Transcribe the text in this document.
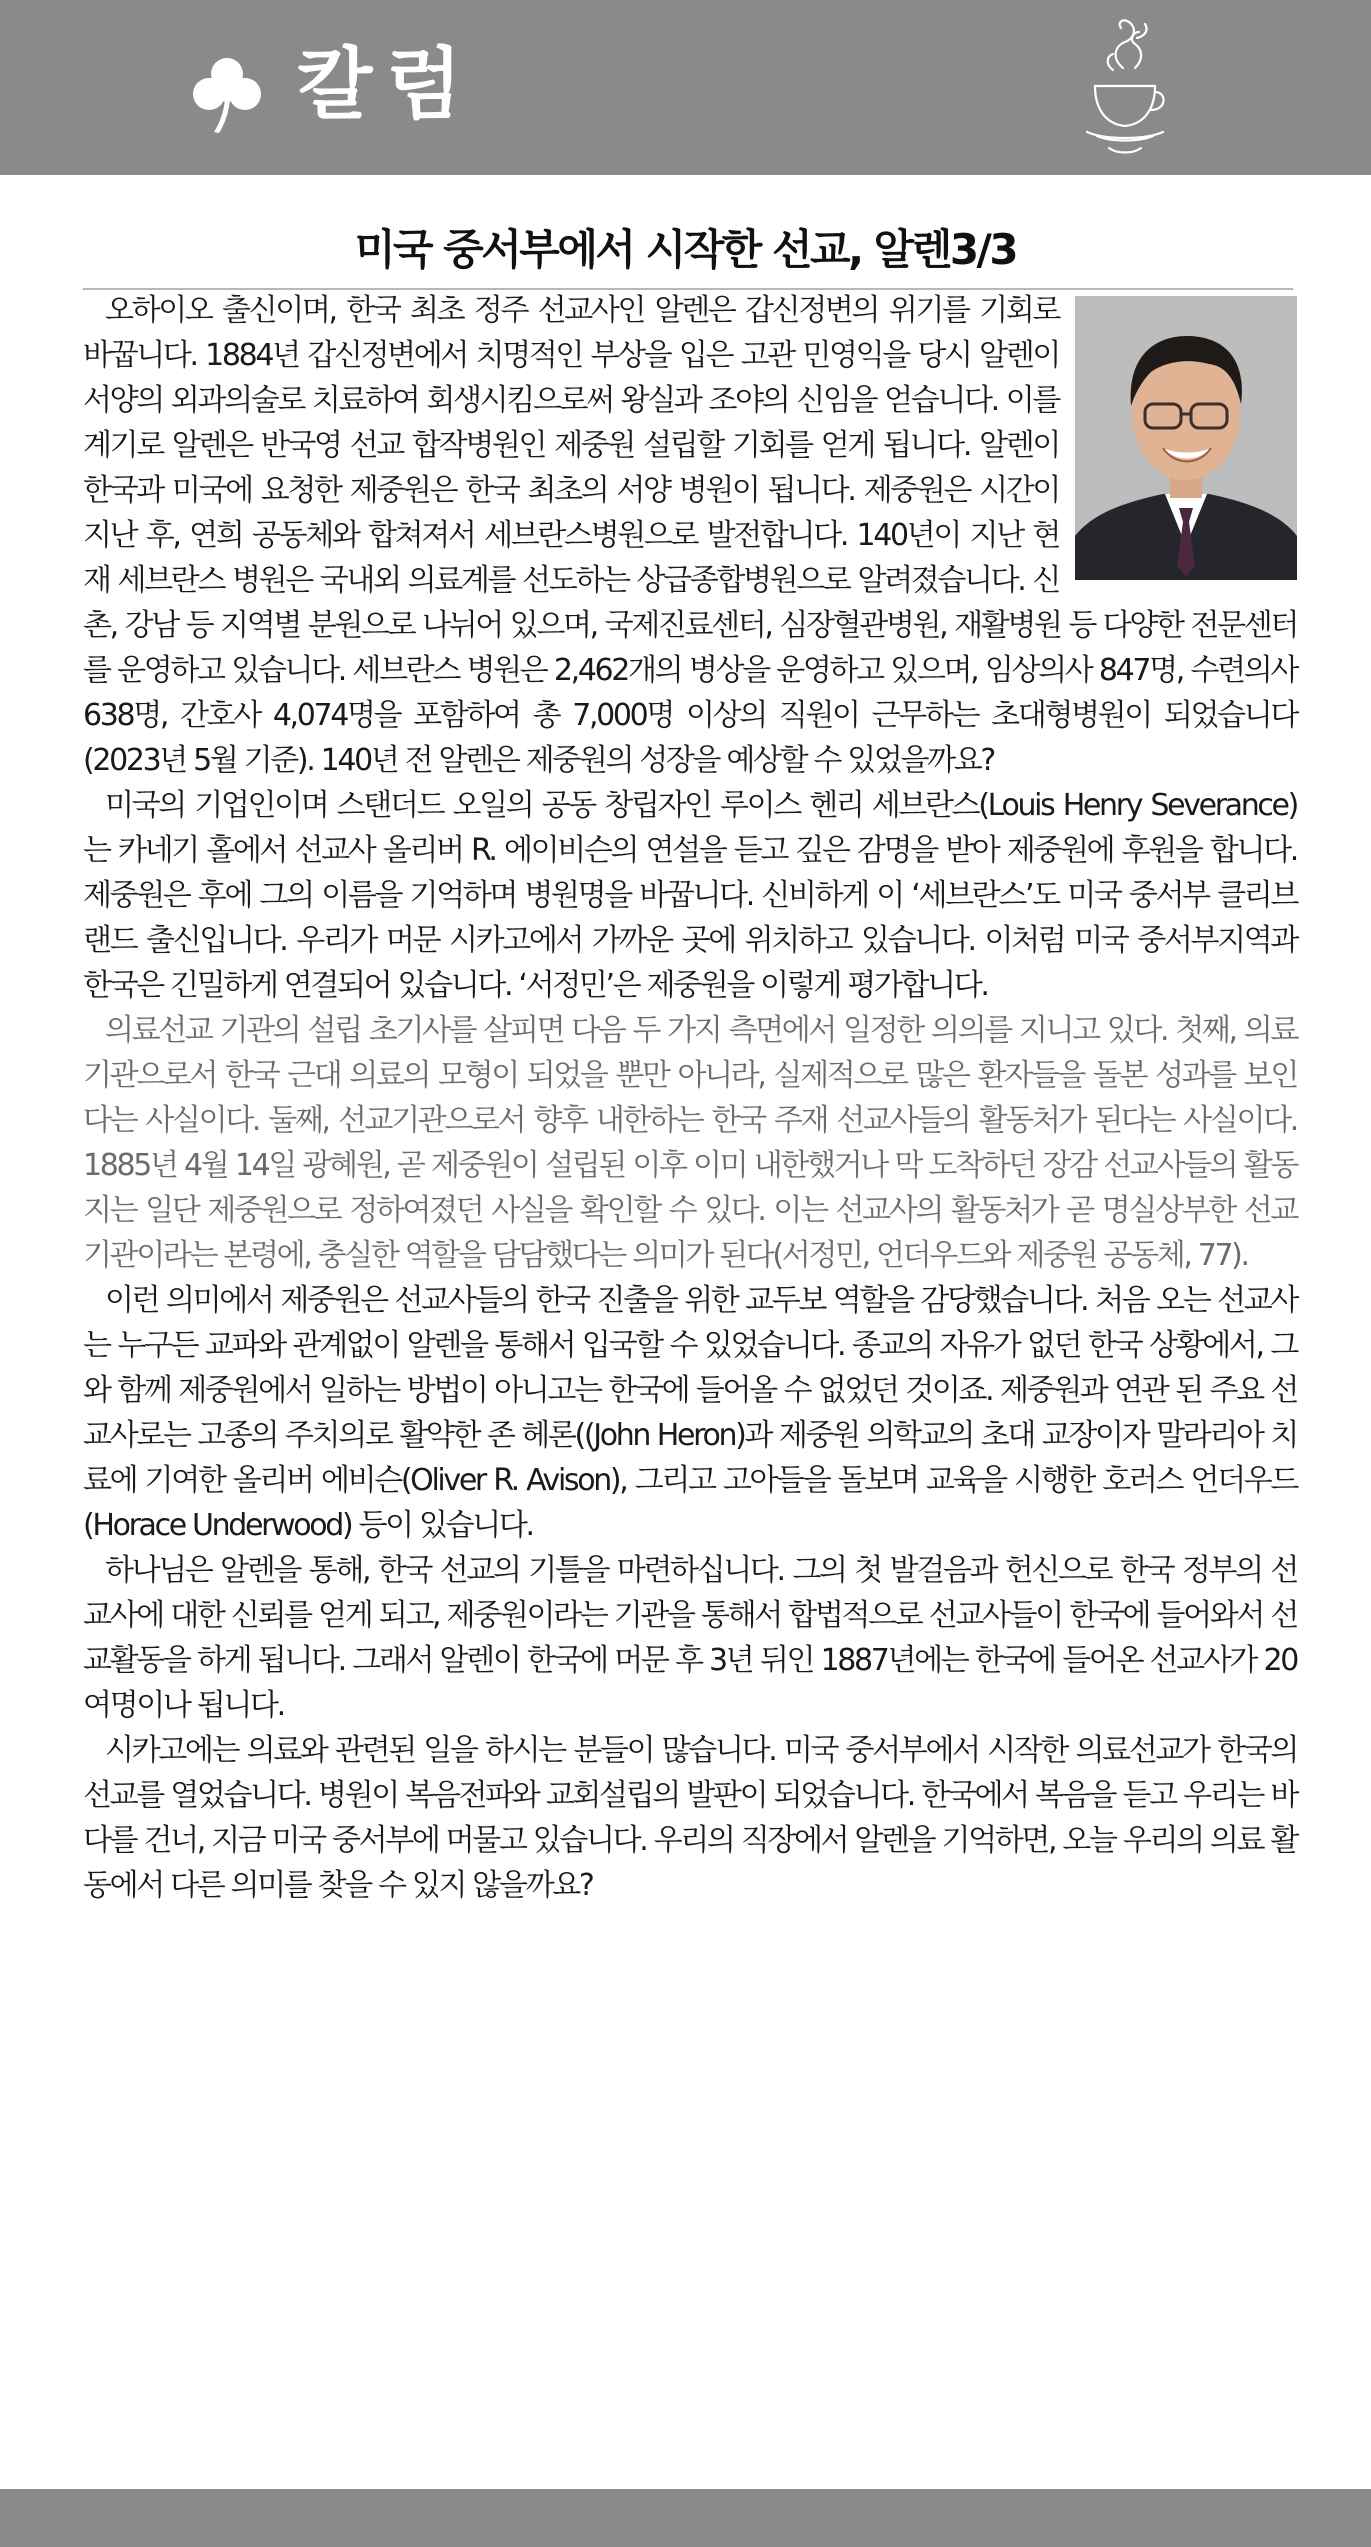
칼럼
미국 중서부에서 시작한 선교, 알렌3/3

오하이오 출신이며, 한국 최초 정주 선교사인 알렌은 갑신정변의 위기를 기회로 바꿉니다. 1884년 갑신정변에서 치명적인 부상을 입은 고관 민영익을 당시 알렌이 서양의 외과의술로 치료하여 회생시킴으로써 왕실과 조야의 신임을 얻습니다. 이를 계기로 알렌은 반국영 선교 합작병원인 제중원 설립할 기회를 얻게 됩니다. 알렌이 한국과 미국에 요청한 제중원은 한국 최초의 서양 병원이 됩니다. 제중원은 시간이 지난 후, 연희 공동체와 합쳐져서 세브란스병원으로 발전합니다. 140년이 지난 현재 세브란스 병원은 국내외 의료계를 선도하는 상급종합병원으로 알려졌습니다. 신촌, 강남 등 지역별 분원으로 나뉘어 있으며, 국제진료센터, 심장혈관병원, 재활병원 등 다양한 전문센터를 운영하고 있습니다. 세브란스 병원은 2,462개의 병상을 운영하고 있으며, 임상의사 847명, 수련의사 638명, 간호사 4,074명을 포함하여 총 7,000명 이상의 직원이 근무하는 초대형병원이 되었습니다(2023년 5월 기준). 140년 전 알렌은 제중원의 성장을 예상할 수 있었을까요?

미국의 기업인이며 스탠더드 오일의 공동 창립자인 루이스 헨리 세브란스(Louis Henry Severance)는 카네기 홀에서 선교사 올리버 R. 에이비슨의 연설을 듣고 깊은 감명을 받아 제중원에 후원을 합니다. 제중원은 후에 그의 이름을 기억하며 병원명을 바꿉니다. 신비하게 이 ‘세브란스’도 미국 중서부 클리브랜드 출신입니다. 우리가 머문 시카고에서 가까운 곳에 위치하고 있습니다. 이처럼 미국 중서부지역과 한국은 긴밀하게 연결되어 있습니다. ‘서정민’은 제중원을 이렇게 평가합니다.

의료선교 기관의 설립 초기사를 살피면 다음 두 가지 측면에서 일정한 의의를 지니고 있다. 첫째, 의료기관으로서 한국 근대 의료의 모형이 되었을 뿐만 아니라, 실제적으로 많은 환자들을 돌본 성과를 보인다는 사실이다. 둘째, 선교기관으로서 향후 내한하는 한국 주재 선교사들의 활동처가 된다는 사실이다. 1885년 4월 14일 광혜원, 곧 제중원이 설립된 이후 이미 내한했거나 막 도착하던 장감 선교사들의 활동지는 일단 제중원으로 정하여졌던 사실을 확인할 수 있다. 이는 선교사의 활동처가 곧 명실상부한 선교기관이라는 본령에, 충실한 역할을 담담했다는 의미가 된다(서정민, 언더우드와 제중원 공동체, 77).

이런 의미에서 제중원은 선교사들의 한국 진출을 위한 교두보 역할을 감당했습니다. 처음 오는 선교사는 누구든 교파와 관계없이 알렌을 통해서 입국할 수 있었습니다. 종교의 자유가 없던 한국 상황에서, 그와 함께 제중원에서 일하는 방법이 아니고는 한국에 들어올 수 없었던 것이죠. 제중원과 연관 된 주요 선교사로는 고종의 주치의로 활약한 존 헤론((John Heron)과 제중원 의학교의 초대 교장이자 말라리아 치료에 기여한 올리버 에비슨(Oliver R. Avison), 그리고 고아들을 돌보며 교육을 시행한 호러스 언더우드(Horace Underwood) 등이 있습니다.

하나님은 알렌을 통해, 한국 선교의 기틀을 마련하십니다. 그의 첫 발걸음과 헌신으로 한국 정부의 선교사에 대한 신뢰를 얻게 되고, 제중원이라는 기관을 통해서 합법적으로 선교사들이 한국에 들어와서 선교활동을 하게 됩니다. 그래서 알렌이 한국에 머문 후 3년 뒤인 1887년에는 한국에 들어온 선교사가 20여명이나 됩니다.

시카고에는 의료와 관련된 일을 하시는 분들이 많습니다. 미국 중서부에서 시작한 의료선교가 한국의 선교를 열었습니다. 병원이 복음전파와 교회설립의 발판이 되었습니다. 한국에서 복음을 듣고 우리는 바다를 건너, 지금 미국 중서부에 머물고 있습니다. 우리의 직장에서 알렌을 기억하면, 오늘 우리의 의료 활동에서 다른 의미를 찾을 수 있지 않을까요?
